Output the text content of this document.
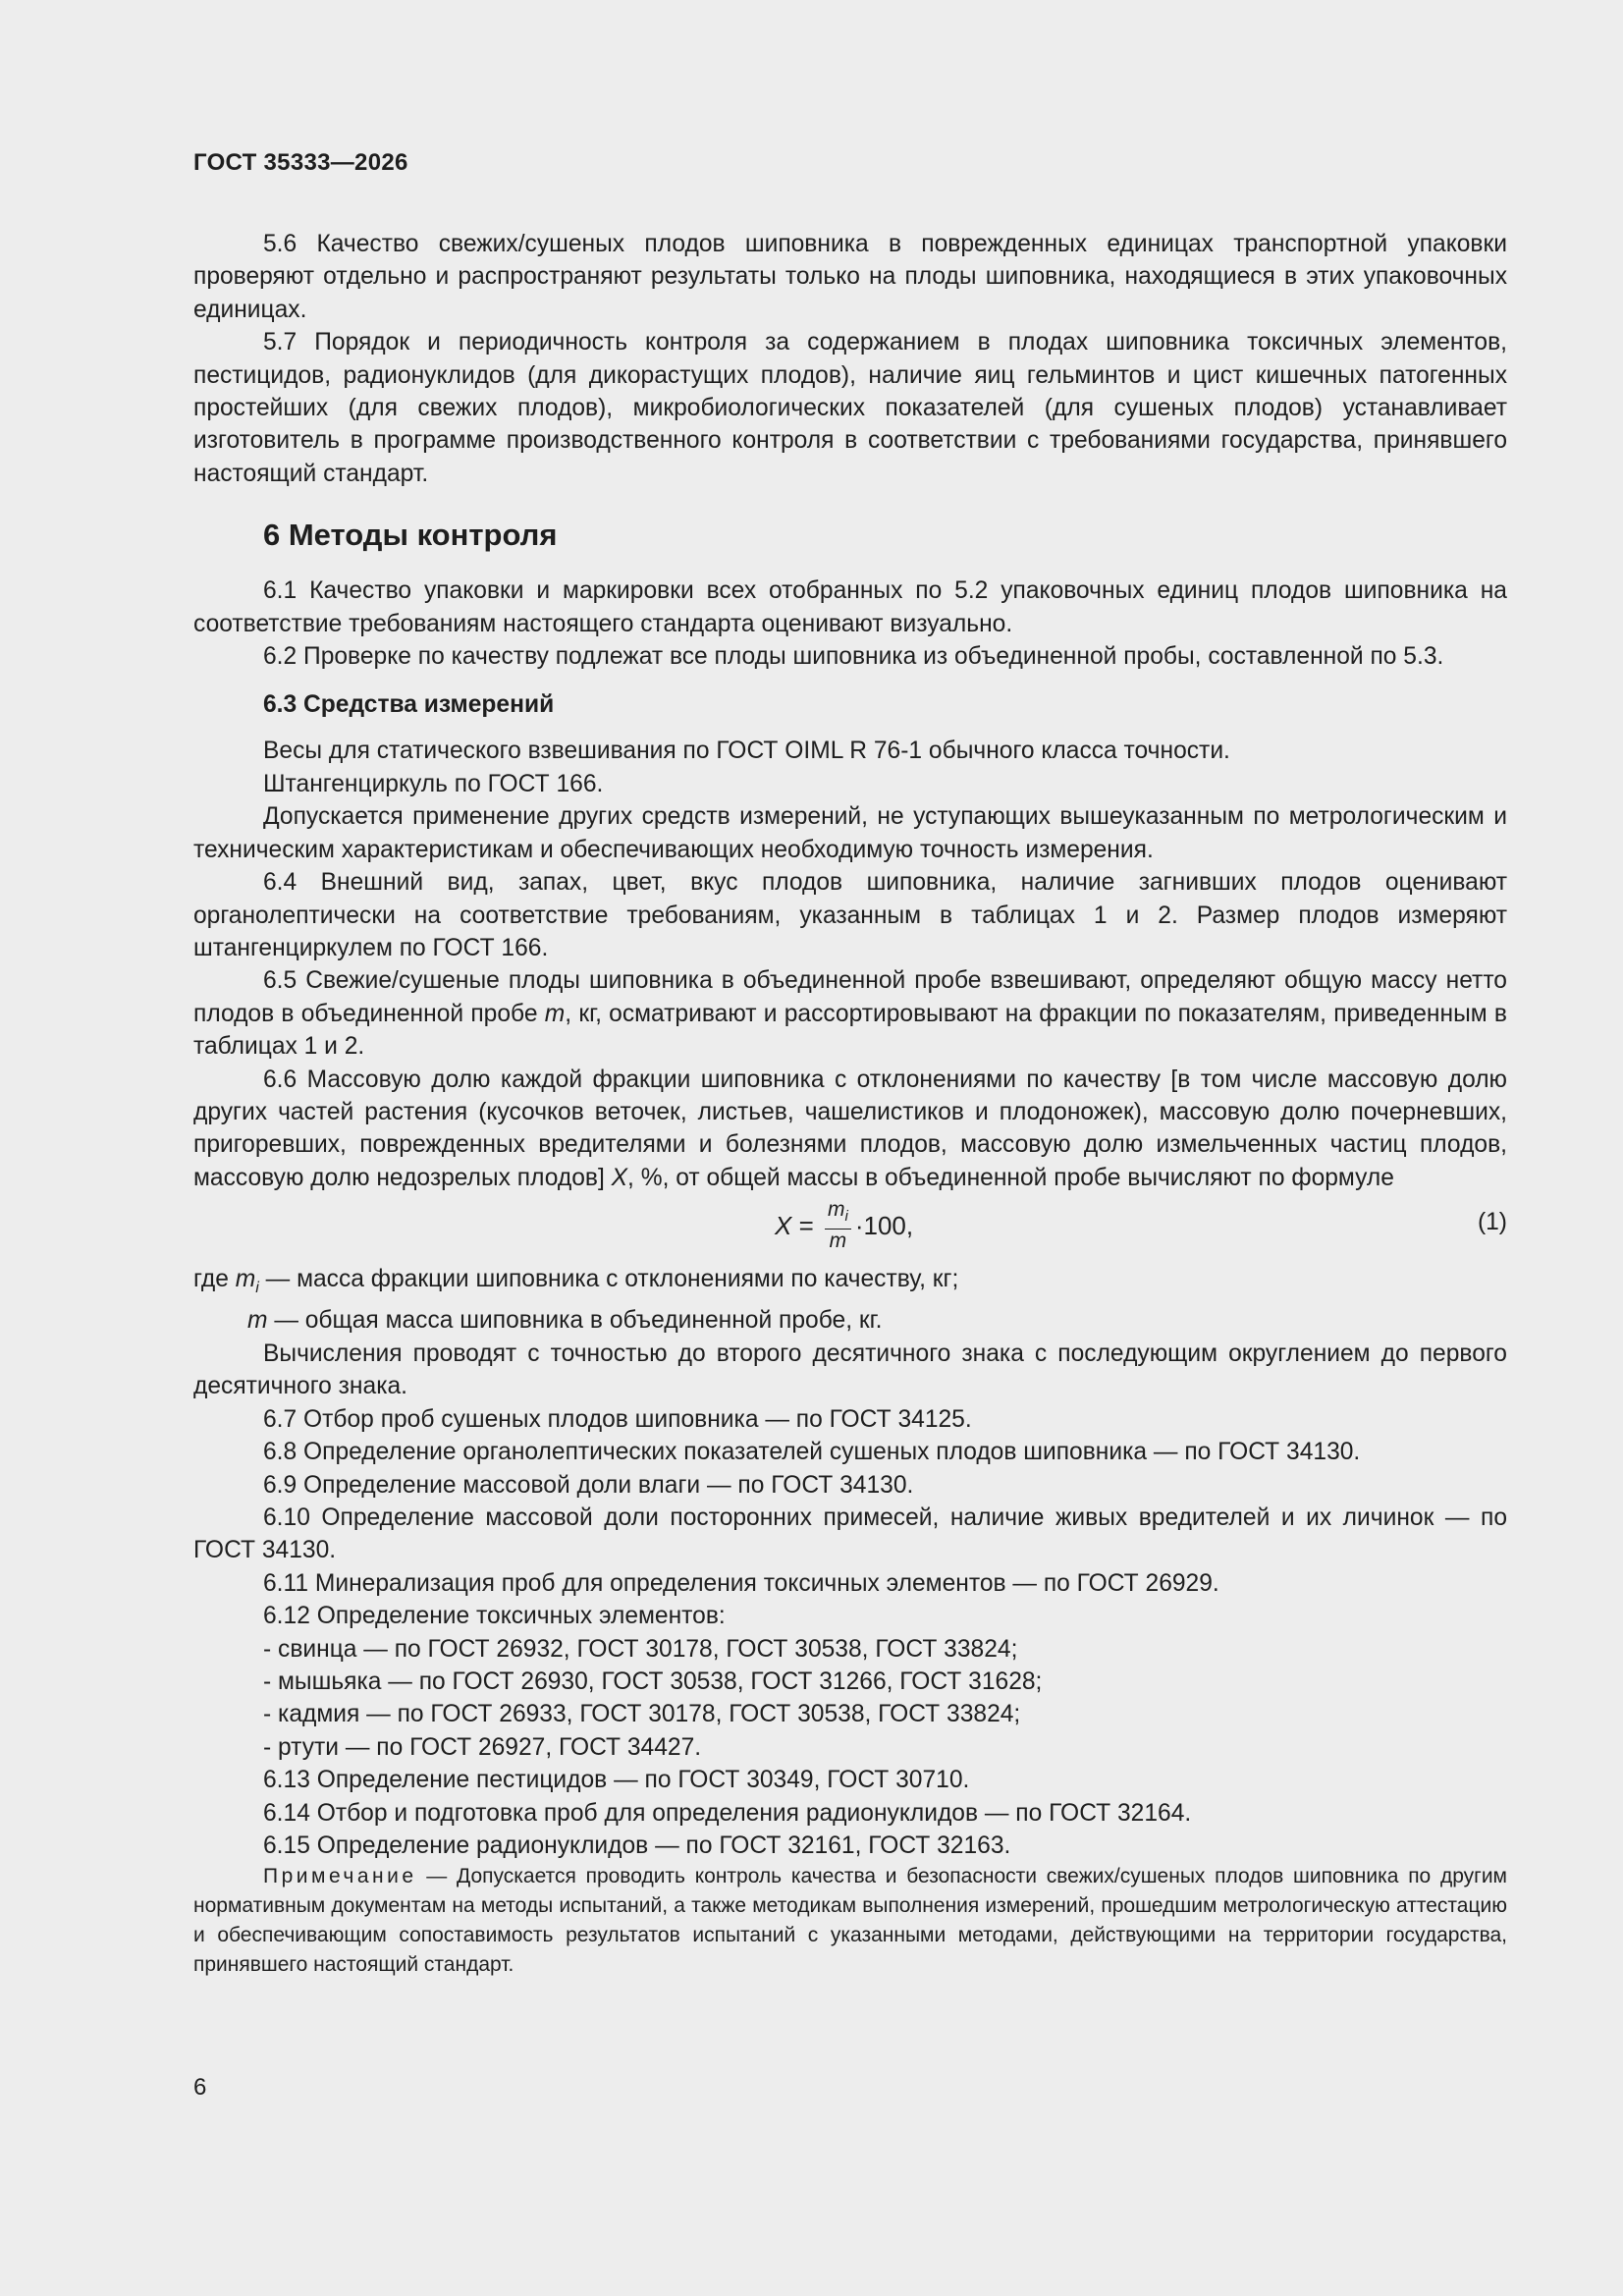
ГОСТ 35333—2026

5.6 Качество свежих/сушеных плодов шиповника в поврежденных единицах транспортной упаковки проверяют отдельно и распространяют результаты только на плоды шиповника, находящиеся в этих упаковочных единицах.

5.7 Порядок и периодичность контроля за содержанием в плодах шиповника токсичных элементов, пестицидов, радионуклидов (для дикорастущих плодов), наличие яиц гельминтов и цист кишечных патогенных простейших (для свежих плодов), микробиологических показателей (для сушеных плодов) устанавливает изготовитель в программе производственного контроля в соответствии с требованиями государства, принявшего настоящий стандарт.

6 Методы контроля

6.1 Качество упаковки и маркировки всех отобранных по 5.2 упаковочных единиц плодов шиповника на соответствие требованиям настоящего стандарта оценивают визуально.

6.2 Проверке по качеству подлежат все плоды шиповника из объединенной пробы, составленной по 5.3.

6.3 Средства измерений

Весы для статического взвешивания по ГОСТ OIML R 76-1 обычного класса точности.

Штангенциркуль по ГОСТ 166.

Допускается применение других средств измерений, не уступающих вышеуказанным по метрологическим и техническим характеристикам и обеспечивающих необходимую точность измерения.

6.4 Внешний вид, запах, цвет, вкус плодов шиповника, наличие загнивших плодов оценивают органолептически на соответствие требованиям, указанным в таблицах 1 и 2. Размер плодов измеряют штангенциркулем по ГОСТ 166.

6.5 Свежие/сушеные плоды шиповника в объединенной пробе взвешивают, определяют общую массу нетто плодов в объединенной пробе m, кг, осматривают и рассортировывают на фракции по показателям, приведенным в таблицах 1 и 2.

6.6 Массовую долю каждой фракции шиповника с отклонениями по качеству [в том числе массовую долю других частей растения (кусочков веточек, листьев, чашелистиков и плодоножек), массовую долю почерневших, пригоревших, поврежденных вредителями и болезнями плодов, массовую долю измельченных частиц плодов, массовую долю недозрелых плодов] X, %, от общей массы в объединенной пробе вычисляют по формуле

$X = \frac{m_i}{m} \cdot 100$,	(1)

где $m_i$ — масса фракции шиповника с отклонениями по качеству, кг;

m — общая масса шиповника в объединенной пробе, кг.

Вычисления проводят с точностью до второго десятичного знака с последующим округлением до первого десятичного знака.

6.7 Отбор проб сушеных плодов шиповника — по ГОСТ 34125.

6.8 Определение органолептических показателей сушеных плодов шиповника — по ГОСТ 34130.

6.9 Определение массовой доли влаги — по ГОСТ 34130.

6.10 Определение массовой доли посторонних примесей, наличие живых вредителей и их личинок — по ГОСТ 34130.

6.11 Минерализация проб для определения токсичных элементов — по ГОСТ 26929.

6.12 Определение токсичных элементов:

- свинца — по ГОСТ 26932, ГОСТ 30178, ГОСТ 30538, ГОСТ 33824;

- мышьяка — по ГОСТ 26930, ГОСТ 30538, ГОСТ 31266, ГОСТ 31628;

- кадмия — по ГОСТ 26933, ГОСТ 30178, ГОСТ 30538, ГОСТ 33824;

- ртути — по ГОСТ 26927, ГОСТ 34427.

6.13 Определение пестицидов — по ГОСТ 30349, ГОСТ 30710.

6.14 Отбор и подготовка проб для определения радионуклидов — по ГОСТ 32164.

6.15 Определение радионуклидов — по ГОСТ 32161, ГОСТ 32163.

Примечание — Допускается проводить контроль качества и безопасности свежих/сушеных плодов шиповника по другим нормативным документам на методы испытаний, а также методикам выполнения измерений, прошедшим метрологическую аттестацию и обеспечивающим сопоставимость результатов испытаний с указанными методами, действующими на территории государства, принявшего настоящий стандарт.

6
